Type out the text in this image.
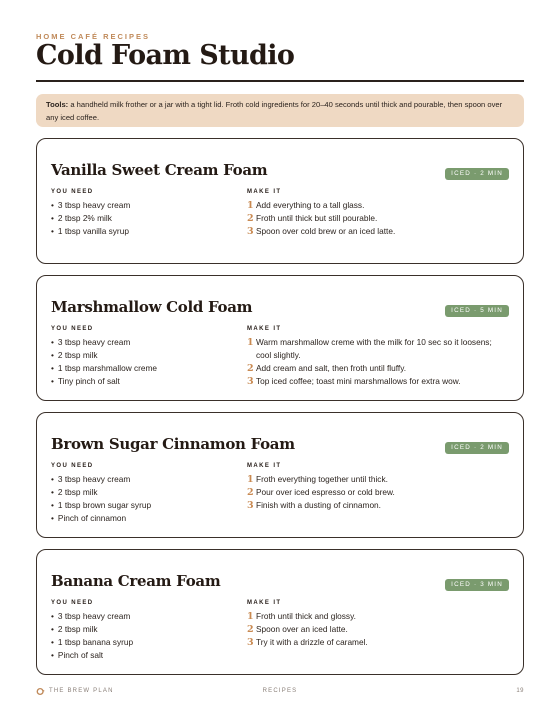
HOME CAFÉ RECIPES
Cold Foam Studio
Tools: a handheld milk frother or a jar with a tight lid. Froth cold ingredients for 20–40 seconds until thick and pourable, then spoon over any iced coffee.
Vanilla Sweet Cream Foam	ICED · 2 MIN
YOU NEED	MAKE IT
• 3 tbsp heavy cream
• 2 tbsp 2% milk
• 1 tbsp vanilla syrup
1 Add everything to a tall glass.
2 Froth until thick but still pourable.
3 Spoon over cold brew or an iced latte.
Marshmallow Cold Foam	ICED · 5 MIN
YOU NEED	MAKE IT
• 3 tbsp heavy cream
• 2 tbsp milk
• 1 tbsp marshmallow creme
• Tiny pinch of salt
1 Warm marshmallow creme with the milk for 10 sec so it loosens; cool slightly.
2 Add cream and salt, then froth until fluffy.
3 Top iced coffee; toast mini marshmallows for extra wow.
Brown Sugar Cinnamon Foam	ICED · 2 MIN
YOU NEED	MAKE IT
• 3 tbsp heavy cream
• 2 tbsp milk
• 1 tbsp brown sugar syrup
• Pinch of cinnamon
1 Froth everything together until thick.
2 Pour over iced espresso or cold brew.
3 Finish with a dusting of cinnamon.
Banana Cream Foam	ICED · 3 MIN
YOU NEED	MAKE IT
• 3 tbsp heavy cream
• 2 tbsp milk
• 1 tbsp banana syrup
• Pinch of salt
1 Froth until thick and glossy.
2 Spoon over an iced latte.
3 Try it with a drizzle of caramel.
THE BREW PLAN	RECIPES	19
